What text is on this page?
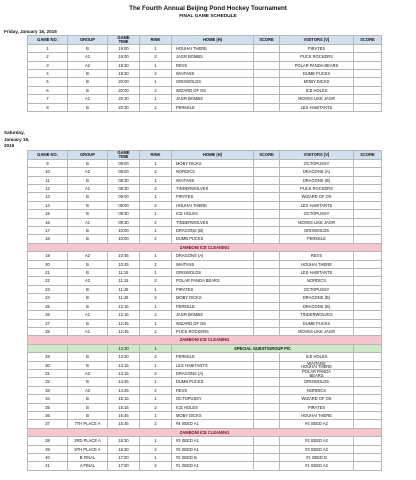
The Fourth Annual Beijing Pond Hockey Tournament
FINAL GAME SCHEDULE
Friday, January 15, 2016
GAME NO.	GROUP	GAME
TIME	RINK	HOME (H)	SCORE	VISITORS (V)	SCORE
1	B	19:00	1	HOUHAI THERE		PIRATES	
2	A1	19:00	2	JAGR BOMBS		PUCK ROCKERS	
3	A2	19:30	1	REVS		POLAR PANDA BEARS	
4	B	19:30	2	WAITANS		DUMB PUCKS	
5	B	20:00	1	GRISWOLDS		MOBY DICKS	
6	B	20:00	2	WIZARD OF OS		ICE HOLES	
7	A1	20:30	1	JAGR BOMBS		MOVES LIKE JAGR	
8	B	20:30	2	PERKELE		LES HABITANTS	
Saturday,
January 16,
2016
GAME NO.	GROUP	GAME
TIME	RINK	HOME (H)	SCORE	VISITORS (V)	SCORE
9	B	08:00	1	MOBY DICKS		OCTOPUSSY	
10	A2	08:00	2	NORDICS		DRAGONS (A)	
11	B	08:30	1	WAITANS		DRAGONS (B)	
12	A1	08:30	2	TINDERWOLVES		PUCK ROCKERS	
13	B	09:00	1	PIRATES		WIZARD OF OS	
14	B	09:00	2	HOUHAI THERE		LES HABITANTS	
15	B	09:30	1	ICE HOLES		OCTOPUSSY	
16	A1	09:30	2	TINDERWOLVES		MOVES LIKE JAGR	
17	B	10:00	1	DRAGONS (B)		GRISWOLDS	
18	B	10:00	2	DUMB PUCKS		PERKELE	
ZAMBONI ICE CLEANING							
19	A2	10:45	1	DRAGONS (A)		REVS	
20	B	10:45	2	WAITANS		HOUHAI THERE	
21	B	11:15	1	GRISWOLDS		LES HABITANTS	
22	A2	11:15	2	POLAR PANDA BEARS		NORDICS	
23	B	11:45	1	PIRATES		OCTOPUSSY	
24	B	11:45	2	MOBY DICKS		DRAGONS (B)	
25	B	12:15	1	PERKELE		DRAGONS (B)	
26	A1	12:15	2	JAGR BOMBS		TINDERWOLVES	
27	B	12:45	1	WIZARD OF OS		DUMB PUCKS	
28	A1	12:45	2	PUCK ROCKERS		MOVES LIKE JAGR	
ZAMBONI ICE CLEANING							
		13:30	1	SPECIAL GUEST/GROUP PIC			
29	B	13:30	2	PERKELE		ICE HOLES	
30	B	14:15	1	LES HABITANTS		WAITANS
HOUHAI THERE	

31	A2	14:15	2	DRAGONS (A)		POLAR PANDA
BEARS	

32	B	14:45	1	DUMB PUCKS		GRISWOLDS	
33	A2	14:45	2	REVS		NORDICS	
34	B	15:15	1	OCTOPUSSY		WIZARD OF OS	
35	B	15:15	2	ICE HOLES		PIRATES	
36	B	15:45	1	MOBY DICKS		HOUHAI THERE	
37	7TH PLACE A	15:45	2	#4 SEED A1		#4 SEED A2	
ZAMBONI ICE CLEANING							
38	3RD PLACE A	16:30	1	#2 SEED A1		#2 SEED A2	
39	5TH PLACE A	16:30	2	#3 SEED A1		#3 SEED A2	
40	B FINAL	17:00	1	#2 SEED B		#1 SEED B	
41	A FINAL	17:00	2	#1 SEED A1		#1 SEED A2	
